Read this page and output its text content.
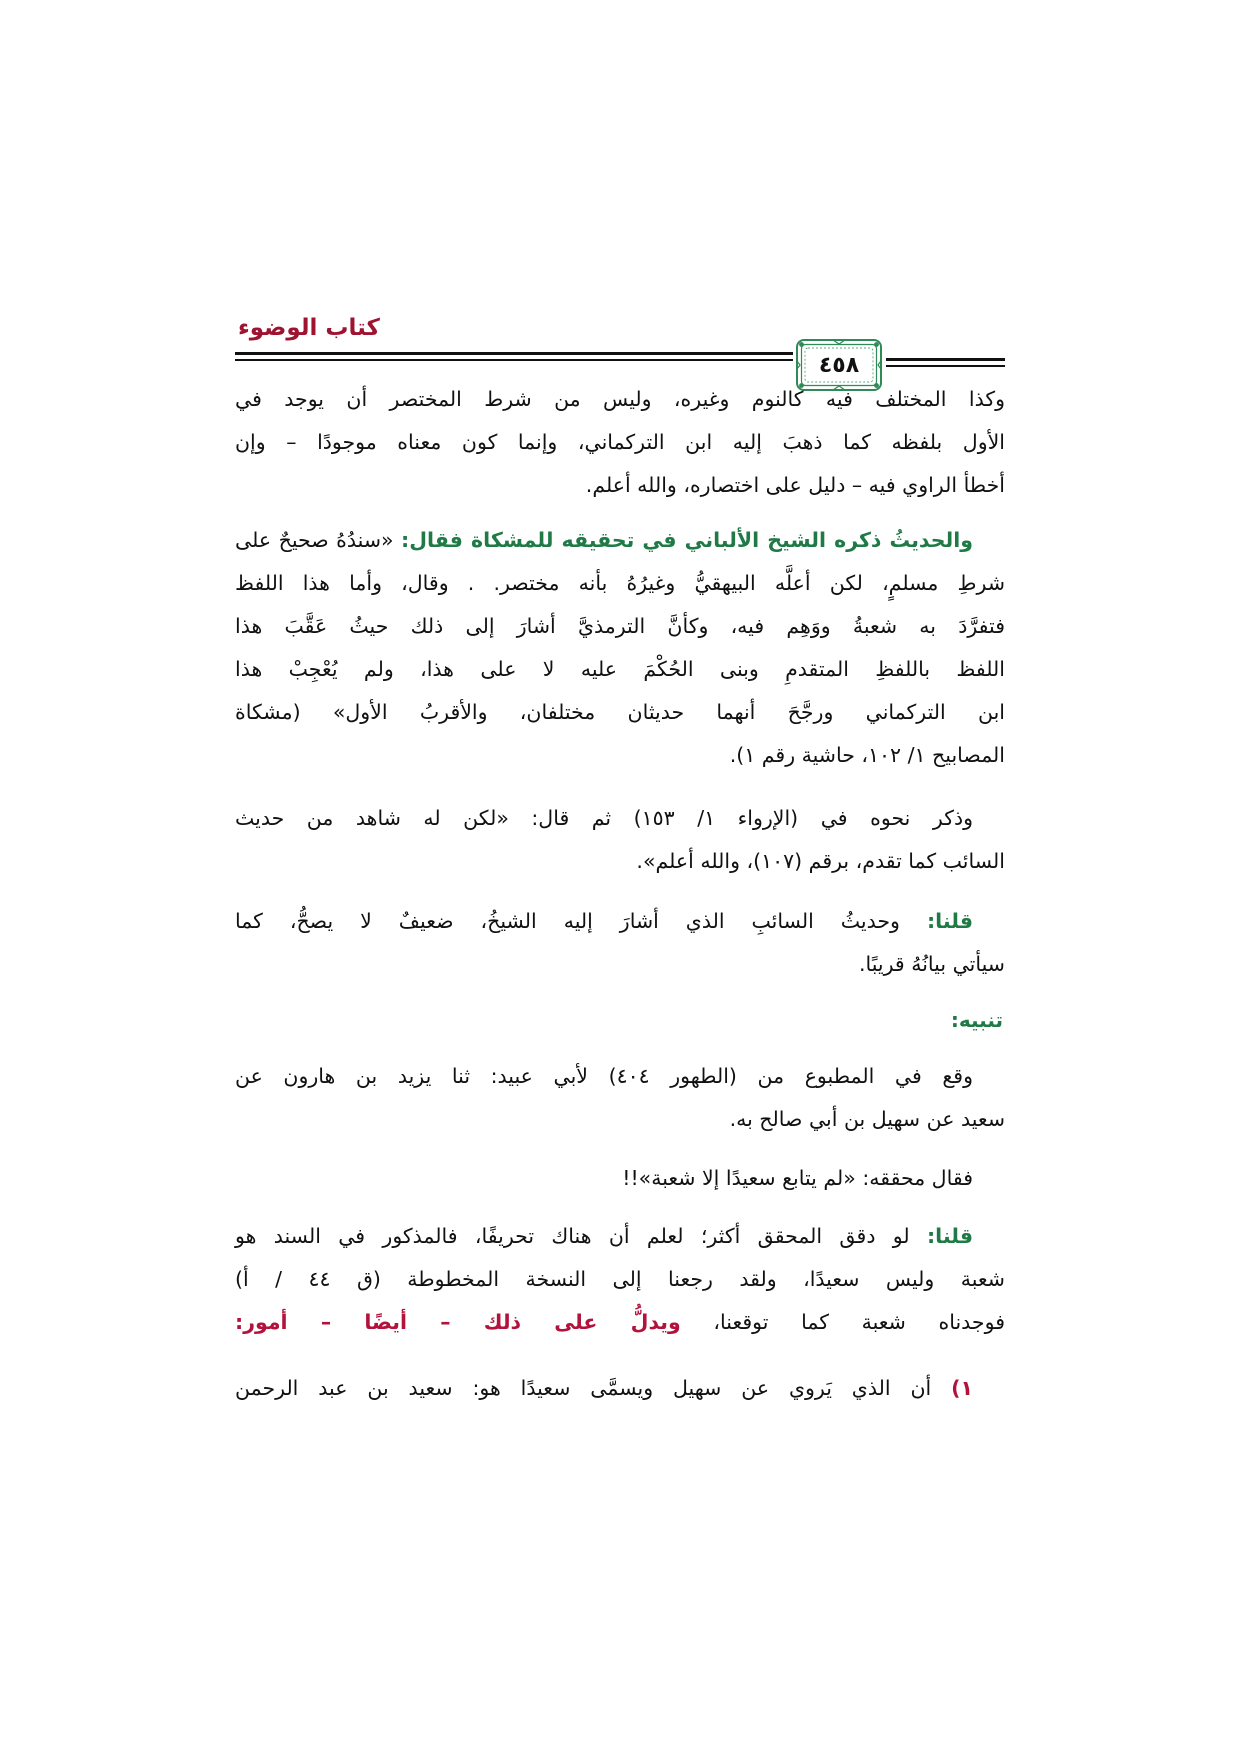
كتاب الوضوء
٤٥٨
وكذا المختلف فيه كالنوم وغيره، وليس من شرط المختصر أن يوجد في
الأول بلفظه كما ذهبَ إليه ابن التركماني، وإنما كون معناه موجودًا – وإن
أخطأ الراوي فيه – دليل على اختصاره، والله أعلم.
والحديثُ ذكره الشيخ الألباني في تحقيقه للمشكاة فقال: «سندُهُ صحيحٌ على
شرطِ مسلمٍ، لكن أعلَّه البيهقيُّ وغيرُهُ بأنه مختصر. . وقال، وأما هذا اللفظ
فتفرَّدَ به شعبةُ ووَهِم فيه، وكأنَّ الترمذيَّ أشارَ إلى ذلك حيثُ عَقَّبَ هذا
اللفظ باللفظِ المتقدمِ وبنى الحُكْمَ عليه لا على هذا، ولم يُعْجِبْ هذا
ابن التركماني ورجَّحَ أنهما حديثان مختلفان، والأقربُ الأول» (مشكاة
المصابيح ١/ ١٠٢، حاشية رقم ١).
وذكر نحوه في (الإرواء ١/ ١٥٣) ثم قال: «لكن له شاهد من حديث
السائب كما تقدم، برقم (١٠٧)، والله أعلم».
قلنا: وحديثُ السائبِ الذي أشارَ إليه الشيخُ، ضعيفٌ لا يصحُّ، كما
سيأتي بيانُهُ قريبًا.
تنبيه:
وقع في المطبوع من (الطهور ٤٠٤) لأبي عبيد: ثنا يزيد بن هارون عن
سعيد عن سهيل بن أبي صالح به.
فقال محققه: «لم يتابع سعيدًا إلا شعبة»!!
قلنا: لو دقق المحقق أكثر؛ لعلم أن هناك تحريفًا، فالمذكور في السند هو
شعبة وليس سعيدًا، ولقد رجعنا إلى النسخة المخطوطة (ق ٤٤ / أ)
فوجدناه شعبة كما توقعنا، ويدلُّ على ذلك – أيضًا – أمور:
١) أن الذي يَروي عن سهيل ويسمَّى سعيدًا هو: سعيد بن عبد الرحمن
